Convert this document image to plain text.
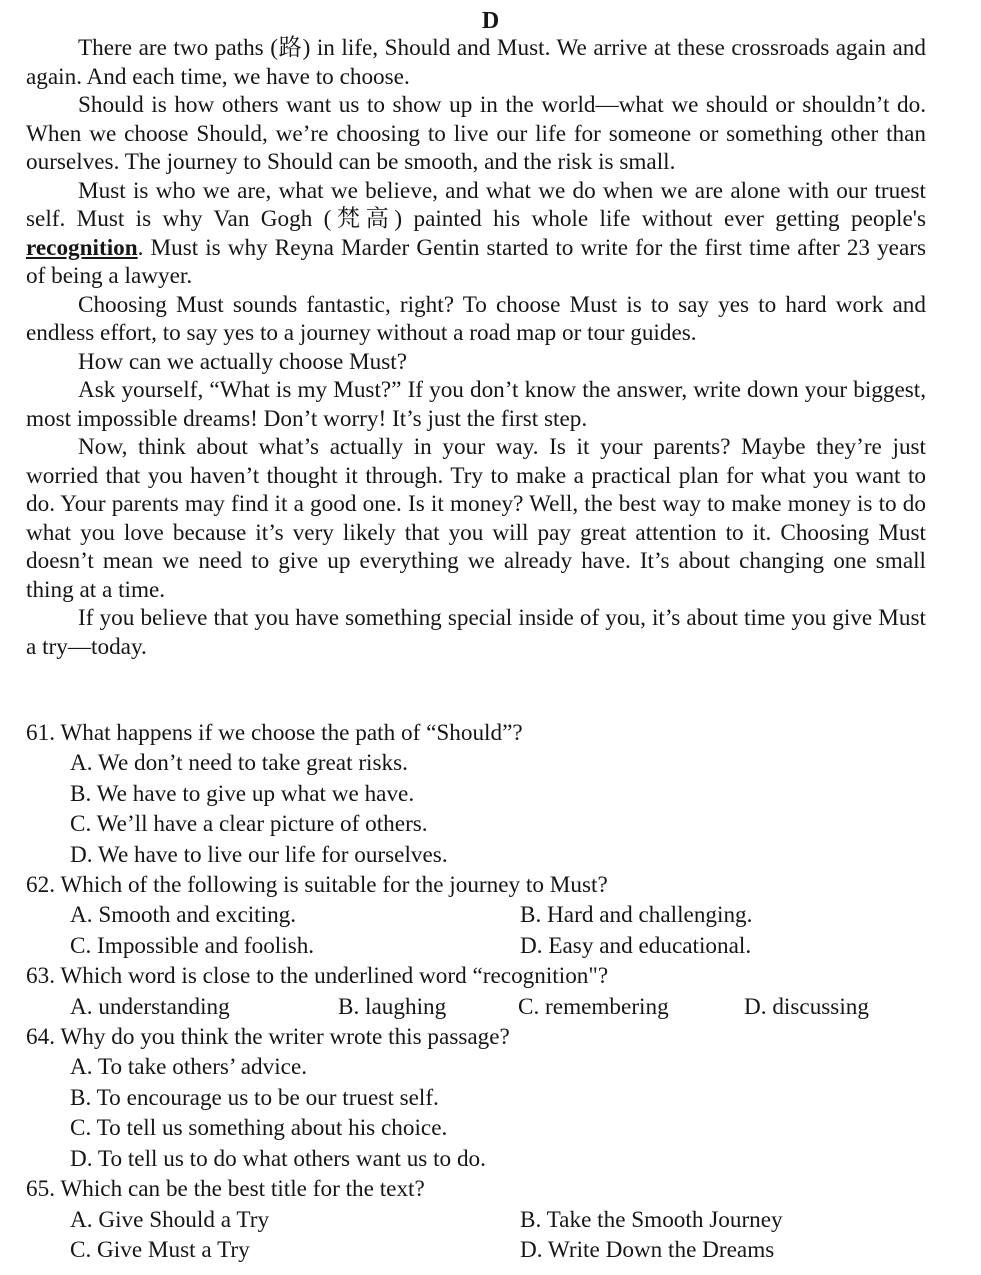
D

There are two paths (路) in life, Should and Must. We arrive at these crossroads again and again. And each time, we have to choose.

Should is how others want us to show up in the world—what we should or shouldn’t do. When we choose Should, we’re choosing to live our life for someone or something other than ourselves. The journey to Should can be smooth, and the risk is small.

Must is who we are, what we believe, and what we do when we are alone with our truest self. Must is why Van Gogh (梵高) painted his whole life without ever getting people's recognition. Must is why Reyna Marder Gentin started to write for the first time after 23 years of being a lawyer.

Choosing Must sounds fantastic, right? To choose Must is to say yes to hard work and endless effort, to say yes to a journey without a road map or tour guides.

How can we actually choose Must?

Ask yourself, “What is my Must?” If you don’t know the answer, write down your biggest, most impossible dreams! Don’t worry! It’s just the first step.

Now, think about what’s actually in your way. Is it your parents? Maybe they’re just worried that you haven’t thought it through. Try to make a practical plan for what you want to do. Your parents may find it a good one. Is it money? Well, the best way to make money is to do what you love because it’s very likely that you will pay great attention to it. Choosing Must doesn’t mean we need to give up everything we already have. It’s about changing one small thing at a time.

If you believe that you have something special inside of you, it’s about time you give Must a try—today.

61. What happens if we choose the path of “Should”?

A. We don’t need to take great risks.

B. We have to give up what we have.

C. We’ll have a clear picture of others.

D. We have to live our life for ourselves.

62. Which of the following is suitable for the journey to Must?

A. Smooth and exciting.	B. Hard and challenging.
C. Impossible and foolish.	D. Easy and educational.

63. Which word is close to the underlined word “recognition"?

A. understanding	B. laughing	C. remembering	D. discussing

64. Why do you think the writer wrote this passage?

A. To take others’ advice.

B. To encourage us to be our truest self.

C. To tell us something about his choice.

D. To tell us to do what others want us to do.

65. Which can be the best title for the text?

A. Give Should a Try	B. Take the Smooth Journey
C. Give Must a Try	D. Write Down the Dreams
